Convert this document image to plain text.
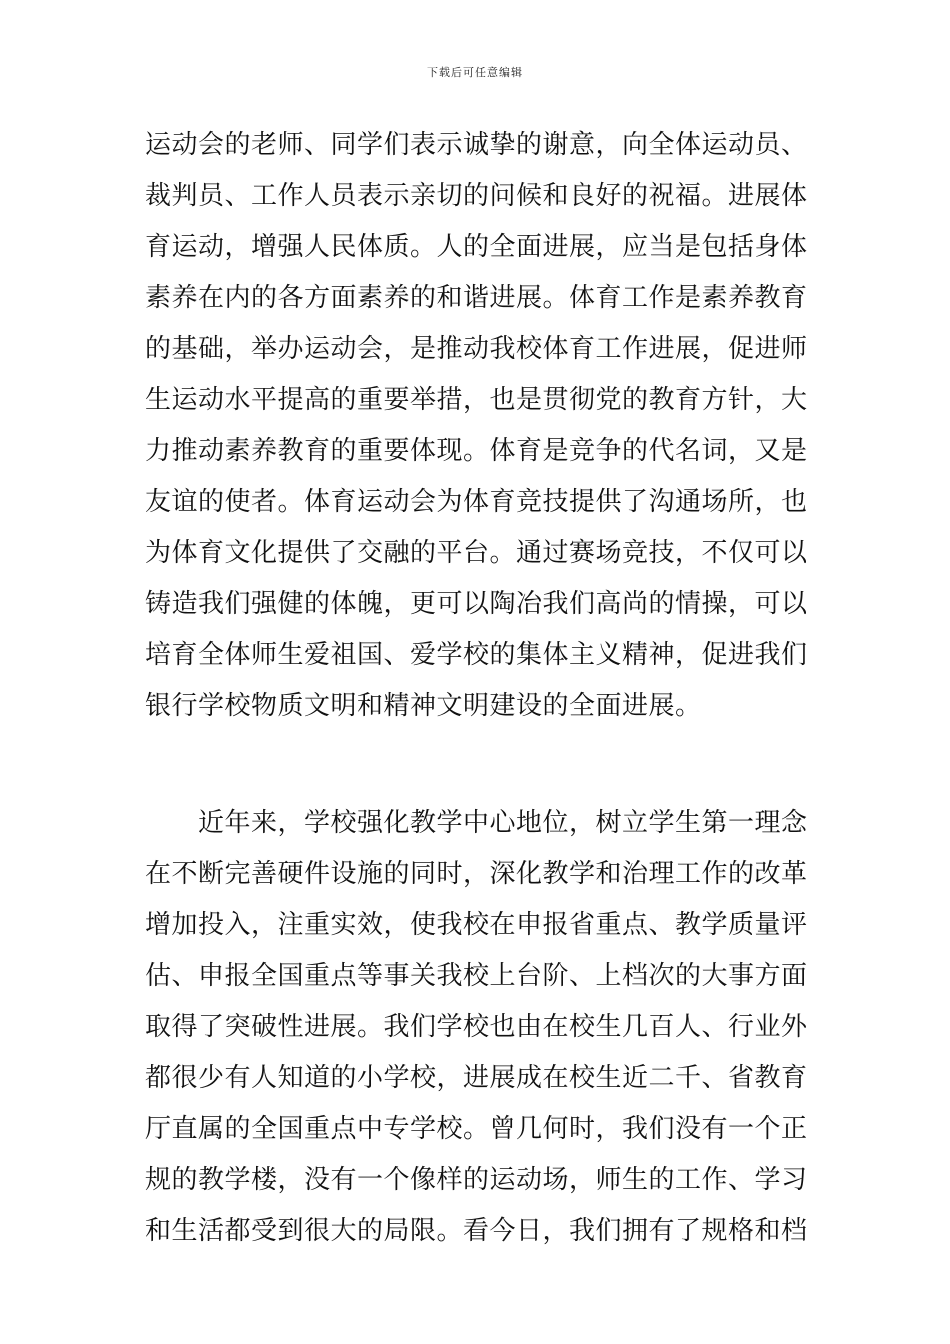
下载后可任意编辑
运动会的老师、同学们表示诚挚的谢意，向全体运动员、
裁判员、工作人员表示亲切的问候和良好的祝福。进展体
育运动，增强人民体质。人的全面进展，应当是包括身体
素养在内的各方面素养的和谐进展。体育工作是素养教育
的基础，举办运动会，是推动我校体育工作进展，促进师
生运动水平提高的重要举措，也是贯彻党的教育方针，大
力推动素养教育的重要体现。体育是竞争的代名词，又是
友谊的使者。体育运动会为体育竞技提供了沟通场所，也
为体育文化提供了交融的平台。通过赛场竞技，不仅可以
铸造我们强健的体魄，更可以陶冶我们高尚的情操，可以
培育全体师生爱祖国、爱学校的集体主义精神，促进我们
银行学校物质文明和精神文明建设的全面进展。
　　近年来，学校强化教学中心地位，树立学生第一理念
在不断完善硬件设施的同时，深化教学和治理工作的改革
增加投入，注重实效，使我校在申报省重点、教学质量评
估、申报全国重点等事关我校上台阶、上档次的大事方面
取得了突破性进展。我们学校也由在校生几百人、行业外
都很少有人知道的小学校，进展成在校生近二千、省教育
厅直属的全国重点中专学校。曾几何时，我们没有一个正
规的教学楼，没有一个像样的运动场，师生的工作、学习
和生活都受到很大的局限。看今日，我们拥有了规格和档
